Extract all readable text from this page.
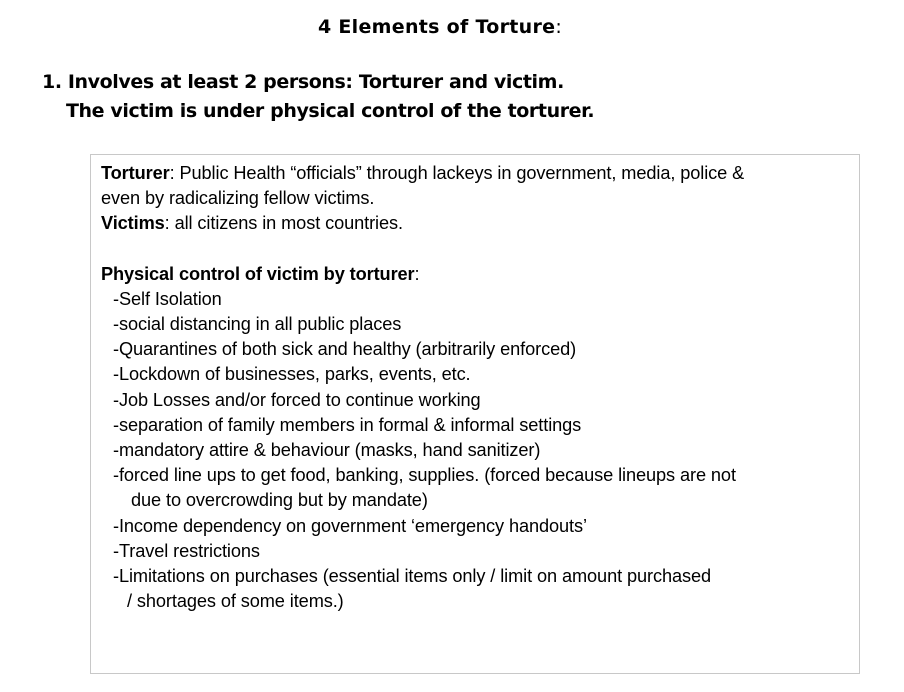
4 Elements of Torture:
1. Involves at least 2 persons: Torturer and victim.
The victim is under physical control of the torturer.
Torturer: Public Health “officials” through lackeys in government, media, police &
even by radicalizing fellow victims.
Victims: all citizens in most countries.
Physical control of victim by torturer:
-Self Isolation
-social distancing in all public places
-Quarantines of both sick and healthy (arbitrarily enforced)
-Lockdown of businesses, parks, events, etc.
-Job Losses and/or forced to continue working
-separation of family members in formal & informal settings
-mandatory attire & behaviour (masks, hand sanitizer)
-forced line ups to get food, banking, supplies. (forced because lineups are not
due to overcrowding but by mandate)
-Income dependency on government ‘emergency handouts’
-Travel restrictions
-Limitations on purchases (essential items only / limit on amount purchased
/ shortages of some items.)
